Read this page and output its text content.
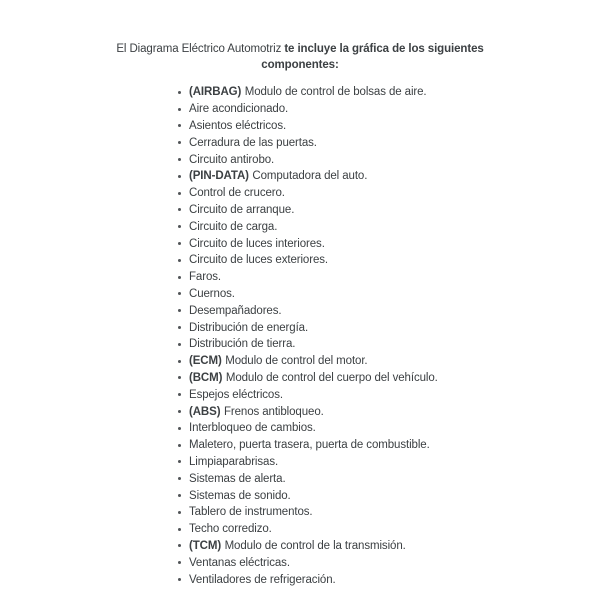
El Diagrama Eléctrico Automotriz te incluye la gráfica de los siguientes
componentes:
(AIRBAG) Modulo de control de bolsas de aire.
Aire acondicionado.
Asientos eléctricos.
Cerradura de las puertas.
Circuito antirobo.
(PIN-DATA) Computadora del auto.
Control de crucero.
Circuito de arranque.
Circuito de carga.
Circuito de luces interiores.
Circuito de luces exteriores.
Faros.
Cuernos.
Desempañadores.
Distribución de energía.
Distribución de tierra.
(ECM) Modulo de control del motor.
(BCM) Modulo de control del cuerpo del vehículo.
Espejos eléctricos.
(ABS) Frenos antibloqueo.
Interbloqueo de cambios.
Maletero, puerta trasera, puerta de combustible.
Limpiaparabrisas.
Sistemas de alerta.
Sistemas de sonido.
Tablero de instrumentos.
Techo corredizo.
(TCM) Modulo de control de la transmisión.
Ventanas eléctricas.
Ventiladores de refrigeración.
